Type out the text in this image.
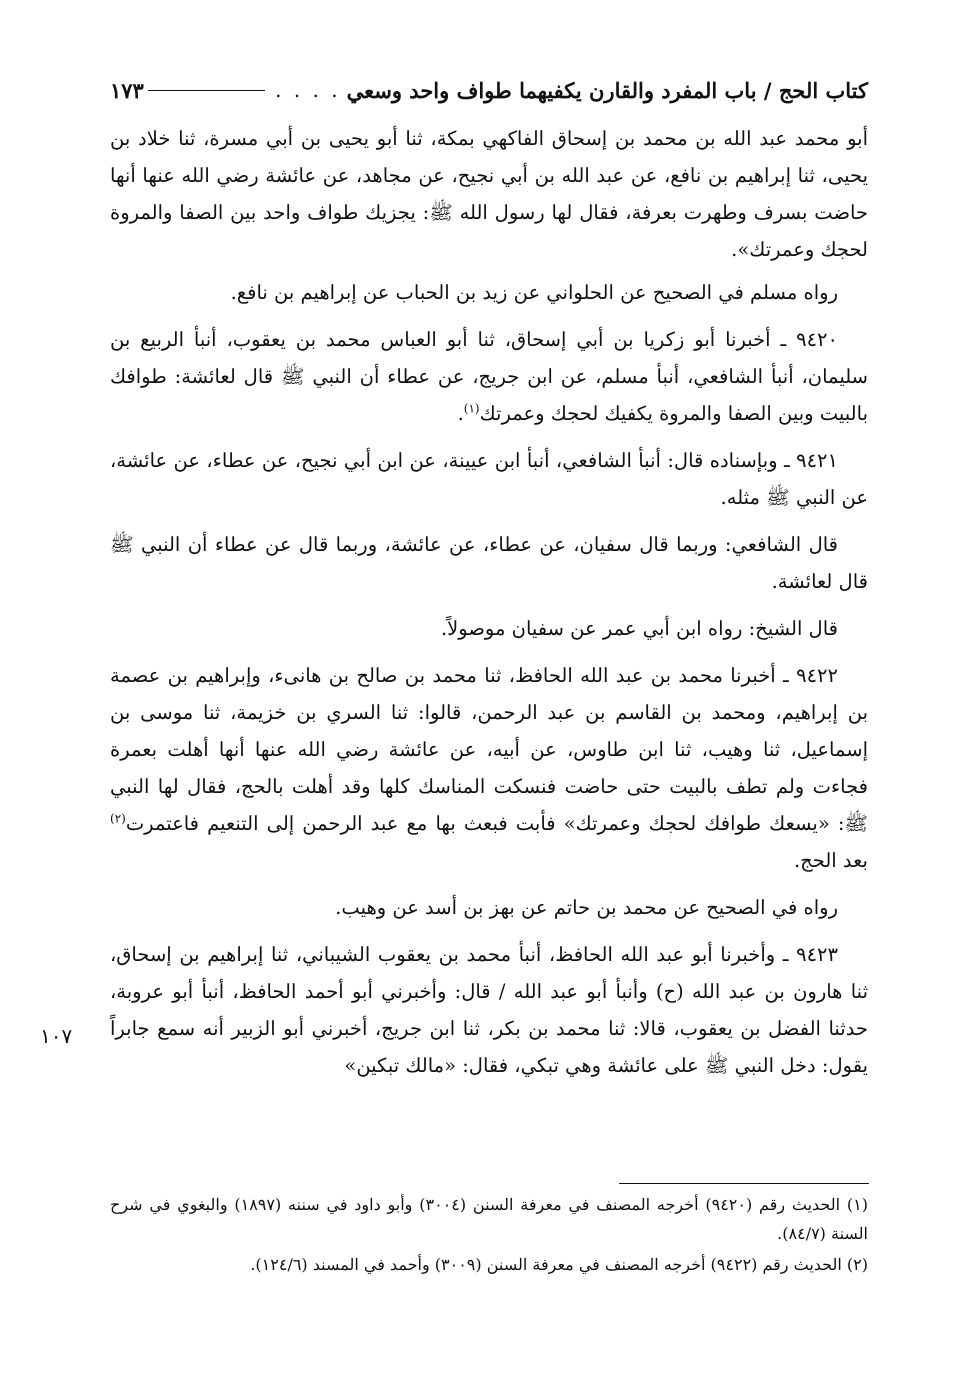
كتاب الحج / باب المفرد والقارن يكفيهما طواف واحد وسعي
. . . .
١٧٣
١٠٧

أبو محمد عبد الله بن محمد بن إسحاق الفاكهي بمكة، ثنا أبو يحيى بن أبي مسرة، ثنا خلاد بن يحيى، ثنا إبراهيم بن نافع، عن عبد الله بن أبي نجيح، عن مجاهد، عن عائشة رضي الله عنها أنها حاضت بسرف وطهرت بعرفة، فقال لها رسول الله ﷺ: يجزيك طواف واحد بين الصفا والمروة لحجك وعمرتك».

رواه مسلم في الصحيح عن الحلواني عن زيد بن الحباب عن إبراهيم بن نافع.

٩٤٢٠ ـ أخبرنا أبو زكريا بن أبي إسحاق، ثنا أبو العباس محمد بن يعقوب، أنبأ الربيع بن سليمان، أنبأ الشافعي، أنبأ مسلم، عن ابن جريج، عن عطاء أن النبي ﷺ قال لعائشة: طوافك بالبيت وبين الصفا والمروة يكفيك لحجك وعمرتك$^{(١)}$.

٩٤٢١ ـ وبإسناده قال: أنبأ الشافعي، أنبأ ابن عيينة، عن ابن أبي نجيح، عن عطاء، عن عائشة، عن النبي ﷺ مثله.

قال الشافعي: وربما قال سفيان، عن عطاء، عن عائشة، وربما قال عن عطاء أن النبي ﷺ قال لعائشة.

قال الشيخ: رواه ابن أبي عمر عن سفيان موصولاً.

٩٤٢٢ ـ أخبرنا محمد بن عبد الله الحافظ، ثنا محمد بن صالح بن هانىء، وإبراهيم بن عصمة بن إبراهيم، ومحمد بن القاسم بن عبد الرحمن، قالوا: ثنا السري بن خزيمة، ثنا موسى بن إسماعيل، ثنا وهيب، ثنا ابن طاوس، عن أبيه، عن عائشة رضي الله عنها أنها أهلت بعمرة فجاءت ولم تطف بالبيت حتى حاضت فنسكت المناسك كلها وقد أهلت بالحج، فقال لها النبي ﷺ: «يسعك طوافك لحجك وعمرتك» فأبت فبعث بها مع عبد الرحمن إلى التنعيم فاعتمرت$^{(٢)}$ بعد الحج.

رواه في الصحيح عن محمد بن حاتم عن بهز بن أسد عن وهيب.

٩٤٢٣ ـ وأخبرنا أبو عبد الله الحافظ، أنبأ محمد بن يعقوب الشيباني، ثنا إبراهيم بن إسحاق، ثنا هارون بن عبد الله (ح) وأنبأ أبو عبد الله / قال: وأخبرني أبو أحمد الحافظ، أنبأ أبو عروبة، حدثنا الفضل بن يعقوب، قالا: ثنا محمد بن بكر، ثنا ابن جريج، أخبرني أبو الزبير أنه سمع جابراً يقول: دخل النبي ﷺ على عائشة وهي تبكي، فقال: «مالك تبكين»

(١) الحديث رقم (٩٤٢٠) أخرجه المصنف في معرفة السنن (٣٠٠٤) وأبو داود في سننه (١٨٩٧) والبغوي في شرح السنة (٨٤/٧).

(٢) الحديث رقم (٩٤٢٢) أخرجه المصنف في معرفة السنن (٣٠٠٩) وأحمد في المسند (١٢٤/٦).
